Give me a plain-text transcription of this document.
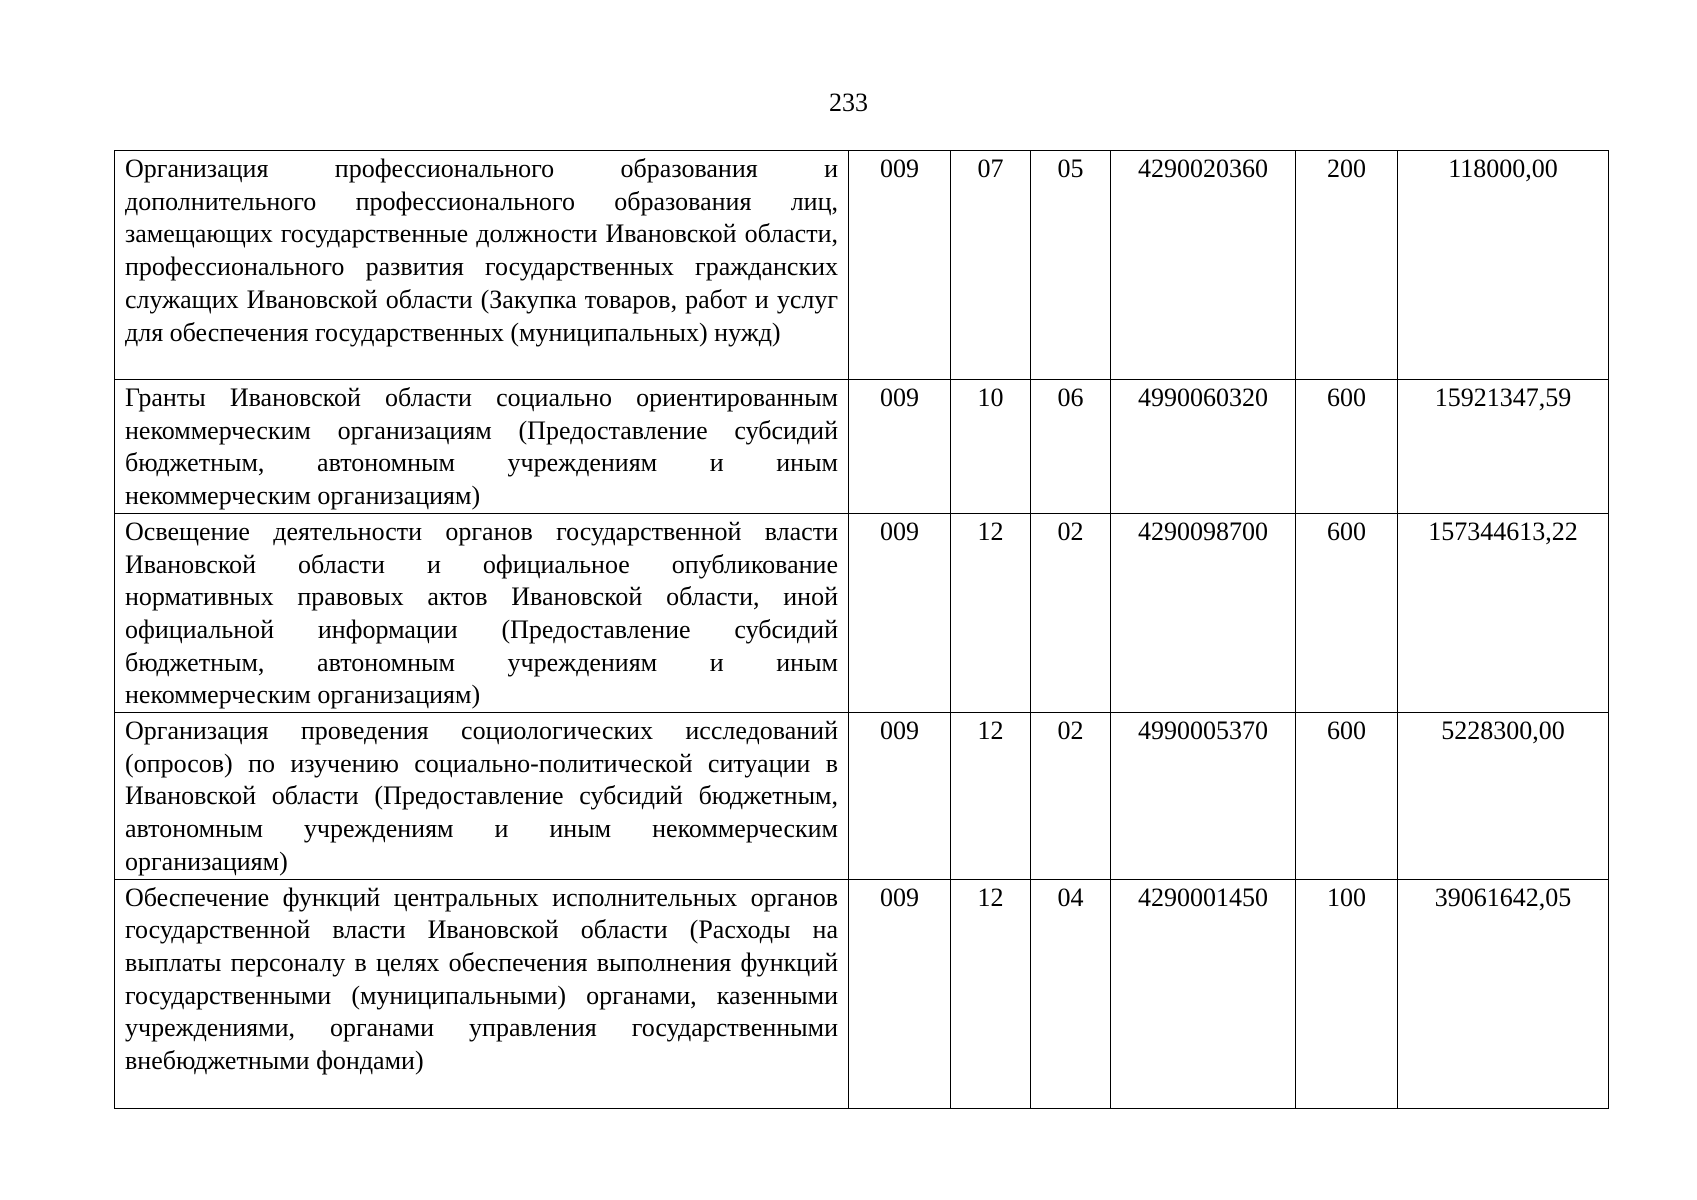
233
Организация профессионального образования и дополнительного профессионального образования лиц, замещающих государственные должности Ивановской области, профессионального развития государственных гражданских служащих Ивановской области (Закупка товаров, работ и услуг для обеспечения государственных (муниципальных) нужд)	009	07	05	4290020360	200	118000,00
Гранты Ивановской области социально ориентированным некоммерческим организациям (Предоставление субсидий бюджетным, автономным учреждениям и иным некоммерческим организациям)	009	10	06	4990060320	600	15921347,59
Освещение деятельности органов государственной власти Ивановской области и официальное опубликование нормативных правовых актов Ивановской области, иной официальной информации (Предоставление субсидий бюджетным, автономным учреждениям и иным некоммерческим организациям)	009	12	02	4290098700	600	157344613,22
Организация проведения социологических исследований (опросов) по изучению социально-политической ситуации в Ивановской области (Предоставление субсидий бюджетным, автономным учреждениям и иным некоммерческим организациям)	009	12	02	4990005370	600	5228300,00
Обеспечение функций центральных исполнительных органов государственной власти Ивановской области (Расходы на выплаты персоналу в целях обеспечения выполнения функций государственными (муниципальными) органами, казенными учреждениями, органами управления государственными внебюджетными фондами)	009	12	04	4290001450	100	39061642,05
